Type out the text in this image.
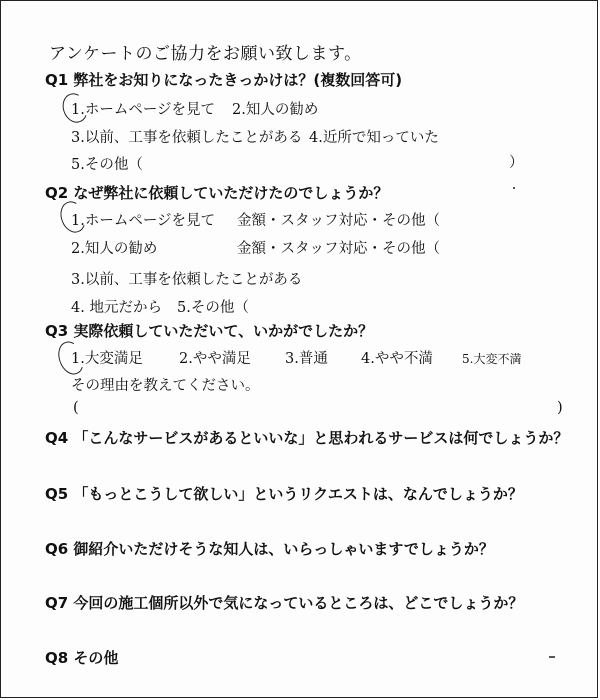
アンケートのご協力をお願い致します。
Q1 弊社をお知りになったきっかけは？(複数回答可)
1.ホームページを見て 2.知人の勧め
3.以前、工事を依頼したことがある 4.近所で知っていた
5.その他（	）
Q2 なぜ弊社に依頼していただけたのでしょうか？
1.ホームページを見て 金額・スタッフ対応・その他（
2.知人の勧め	金額・スタッフ対応・その他（
3.以前、工事を依頼したことがある
4. 地元だから 5.その他（
Q3 実際依頼していただいて、いかがでしたか？
1.大変満足 2.やや満足 3.普通 4.やや不満 5.大変不満
その理由を教えてください。
(	)
Q4 「こんなサービスがあるといいな」と思われるサービスは何でしょうか？
Q5 「もっとこうして欲しい」というリクエストは、なんでしょうか？
Q6 御紹介いただけそうな知人は、いらっしゃいますでしょうか？
Q7 今回の施工個所以外で気になっているところは、どこでしょうか？
Q8 その他
